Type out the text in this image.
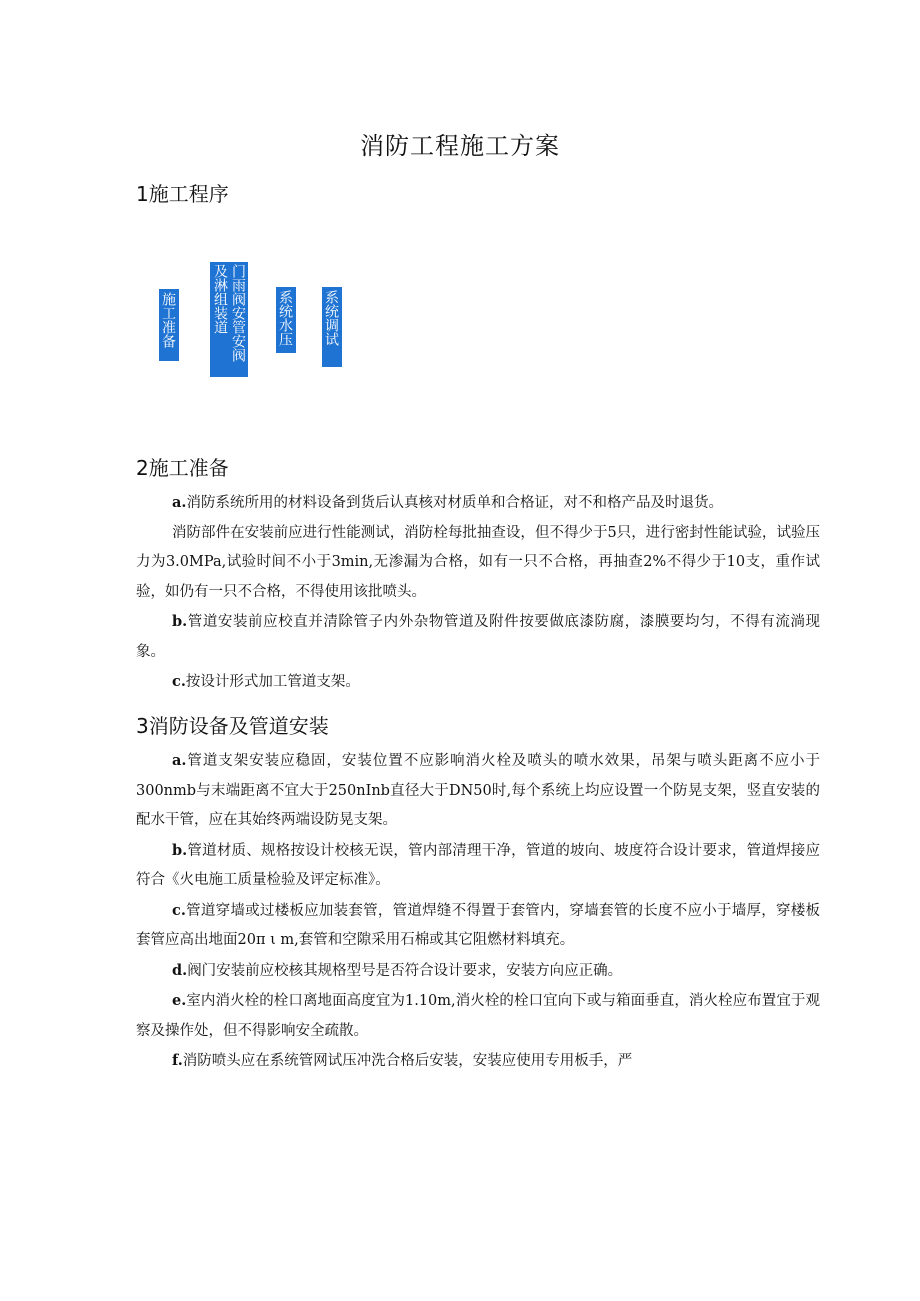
消防工程施工方案
1施工程序
施工准备	及淋组装道 门雨阀安管安阀 系统水压 系统调试
2施工准备
a.消防系统所用的材料设备到货后认真核对材质单和合格证，对不和格产品及时退货。
消防部件在安装前应进行性能测试，消防栓每批抽查设，但不得少于5只，进行密封性能试验，试验压力为3.0MPa,试验时间不小于3min,无渗漏为合格，如有一只不合格，再抽查2%不得少于10支，重作试验，如仍有一只不合格，不得使用该批喷头。
b.管道安装前应校直并清除管子内外杂物管道及附件按要做底漆防腐，漆膜要均匀，不得有流淌现象。
c.按设计形式加工管道支架。
3消防设备及管道安装
a.管道支架安装应稳固，安装位置不应影响消火栓及喷头的喷水效果，吊架与喷头距离不应小于300nmb与末端距离不宜大于250nInb直径大于DN50时,每个系统上均应设置一个防晃支架，竖直安装的配水干管，应在其始终两端设防晃支架。
b.管道材质、规格按设计校核无误，管内部清理干净，管道的坡向、坡度符合设计要求，管道焊接应符合《火电施工质量检验及评定标准》。
c.管道穿墙或过楼板应加装套管，管道焊缝不得置于套管内，穿墙套管的长度不应小于墙厚，穿楼板套管应高出地面20π ι m,套管和空隙采用石棉或其它阻燃材料填充。
d.阀门安装前应校核其规格型号是否符合设计要求，安装方向应正确。
e.室内消火栓的栓口离地面高度宜为1.10m,消火栓的栓口宜向下或与箱面垂直，消火栓应布置宜于观察及操作处，但不得影响安全疏散。
f.消防喷头应在系统管网试压冲洗合格后安装，安装应使用专用板手，严
